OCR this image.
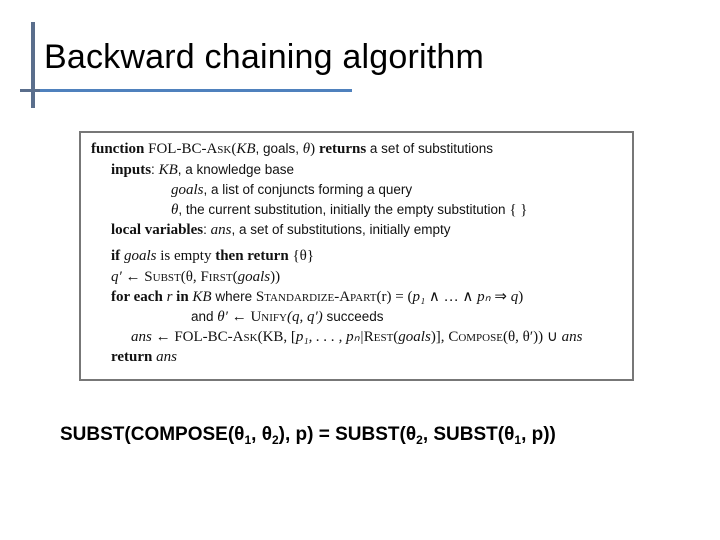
Backward chaining algorithm
function FOL-BC-Ask(KB, goals, θ) returns a set of substitutions
inputs: KB, a knowledge base
goals, a list of conjuncts forming a query
θ, the current substitution, initially the empty substitution { }
local variables: ans, a set of substitutions, initially empty
if goals is empty then return {θ}
q′ ← Subst(θ, First(goals))
for each r in KB where Standardize-Apart(r) = (p₁ ∧ … ∧ pₙ ⇒ q)
and θ′ ← Unify(q, q′) succeeds
ans ← FOL-BC-Ask(KB, [p₁, . . . , pₙ|Rest(goals)], Compose(θ, θ′)) ∪ ans
return ans
$SUBST(COMPOSE(\theta_1$, $\theta_2$), $p) = SUBST(\theta_2$, $SUBST(\theta_1$, p))
